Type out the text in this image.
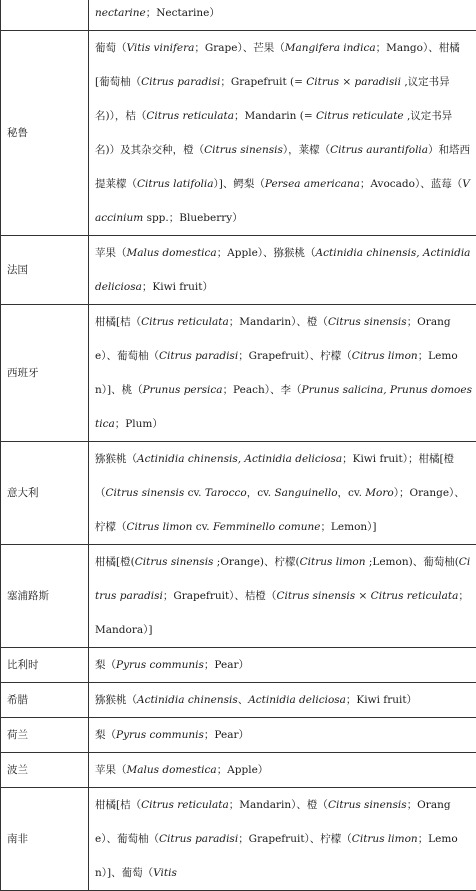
	nectarine；Nectarine）
秘鲁	葡萄（Vitis vinifera；Grape）、芒果（Mangifera indica；Mango）、柑橘[葡萄柚（Citrus paradisi；Grapefruit (= Citrus × paradisii ,议定书异名)），桔（Citrus reticulata；Mandarin (= Citrus reticulate ,议定书异名)）及其杂交种，橙（Citrus sinensis），莱檬（Citrus aurantifolia）和塔西提莱檬（Citrus latifolia）]、鳄梨（Persea americana；Avocado）、蓝莓（Vaccinium spp.；Blueberry）
法国	苹果（Malus domestica；Apple）、猕猴桃（Actinidia chinensis, Actinidia deliciosa；Kiwi fruit）
西班牙	柑橘[桔（Citrus reticulata；Mandarin）、橙（Citrus sinensis；Orange）、葡萄柚（Citrus paradisi；Grapefruit）、柠檬（Citrus limon；Lemon）]、桃（Prunus persica；Peach）、李（Prunus salicina, Prunus domoestica；Plum）
意大利	猕猴桃（Actinidia chinensis, Actinidia deliciosa；Kiwi fruit）；柑橘[橙（Citrus sinensis cv. Tarocco，cv. Sanguinello，cv. Moro）；Orange）、柠檬（Citrus limon cv. Femminello comune；Lemon）]
塞浦路斯	柑橘[橙(Citrus sinensis ;Orange)、柠檬(Citrus limon ;Lemon)、葡萄柚(Citrus paradisi；Grapefruit）、桔橙（Citrus sinensis × Citrus reticulata；Mandora）]
比利时	梨（Pyrus communis；Pear）
希腊	猕猴桃（Actinidia chinensis、Actinidia deliciosa；Kiwi fruit）
荷兰	梨（Pyrus communis；Pear）
波兰	苹果（Malus domestica；Apple）
南非	柑橘[桔（Citrus reticulata；Mandarin）、橙（Citrus sinensis；Orange）、葡萄柚（Citrus paradisi；Grapefruit）、柠檬（Citrus limon；Lemon）]、葡萄（Vitis
